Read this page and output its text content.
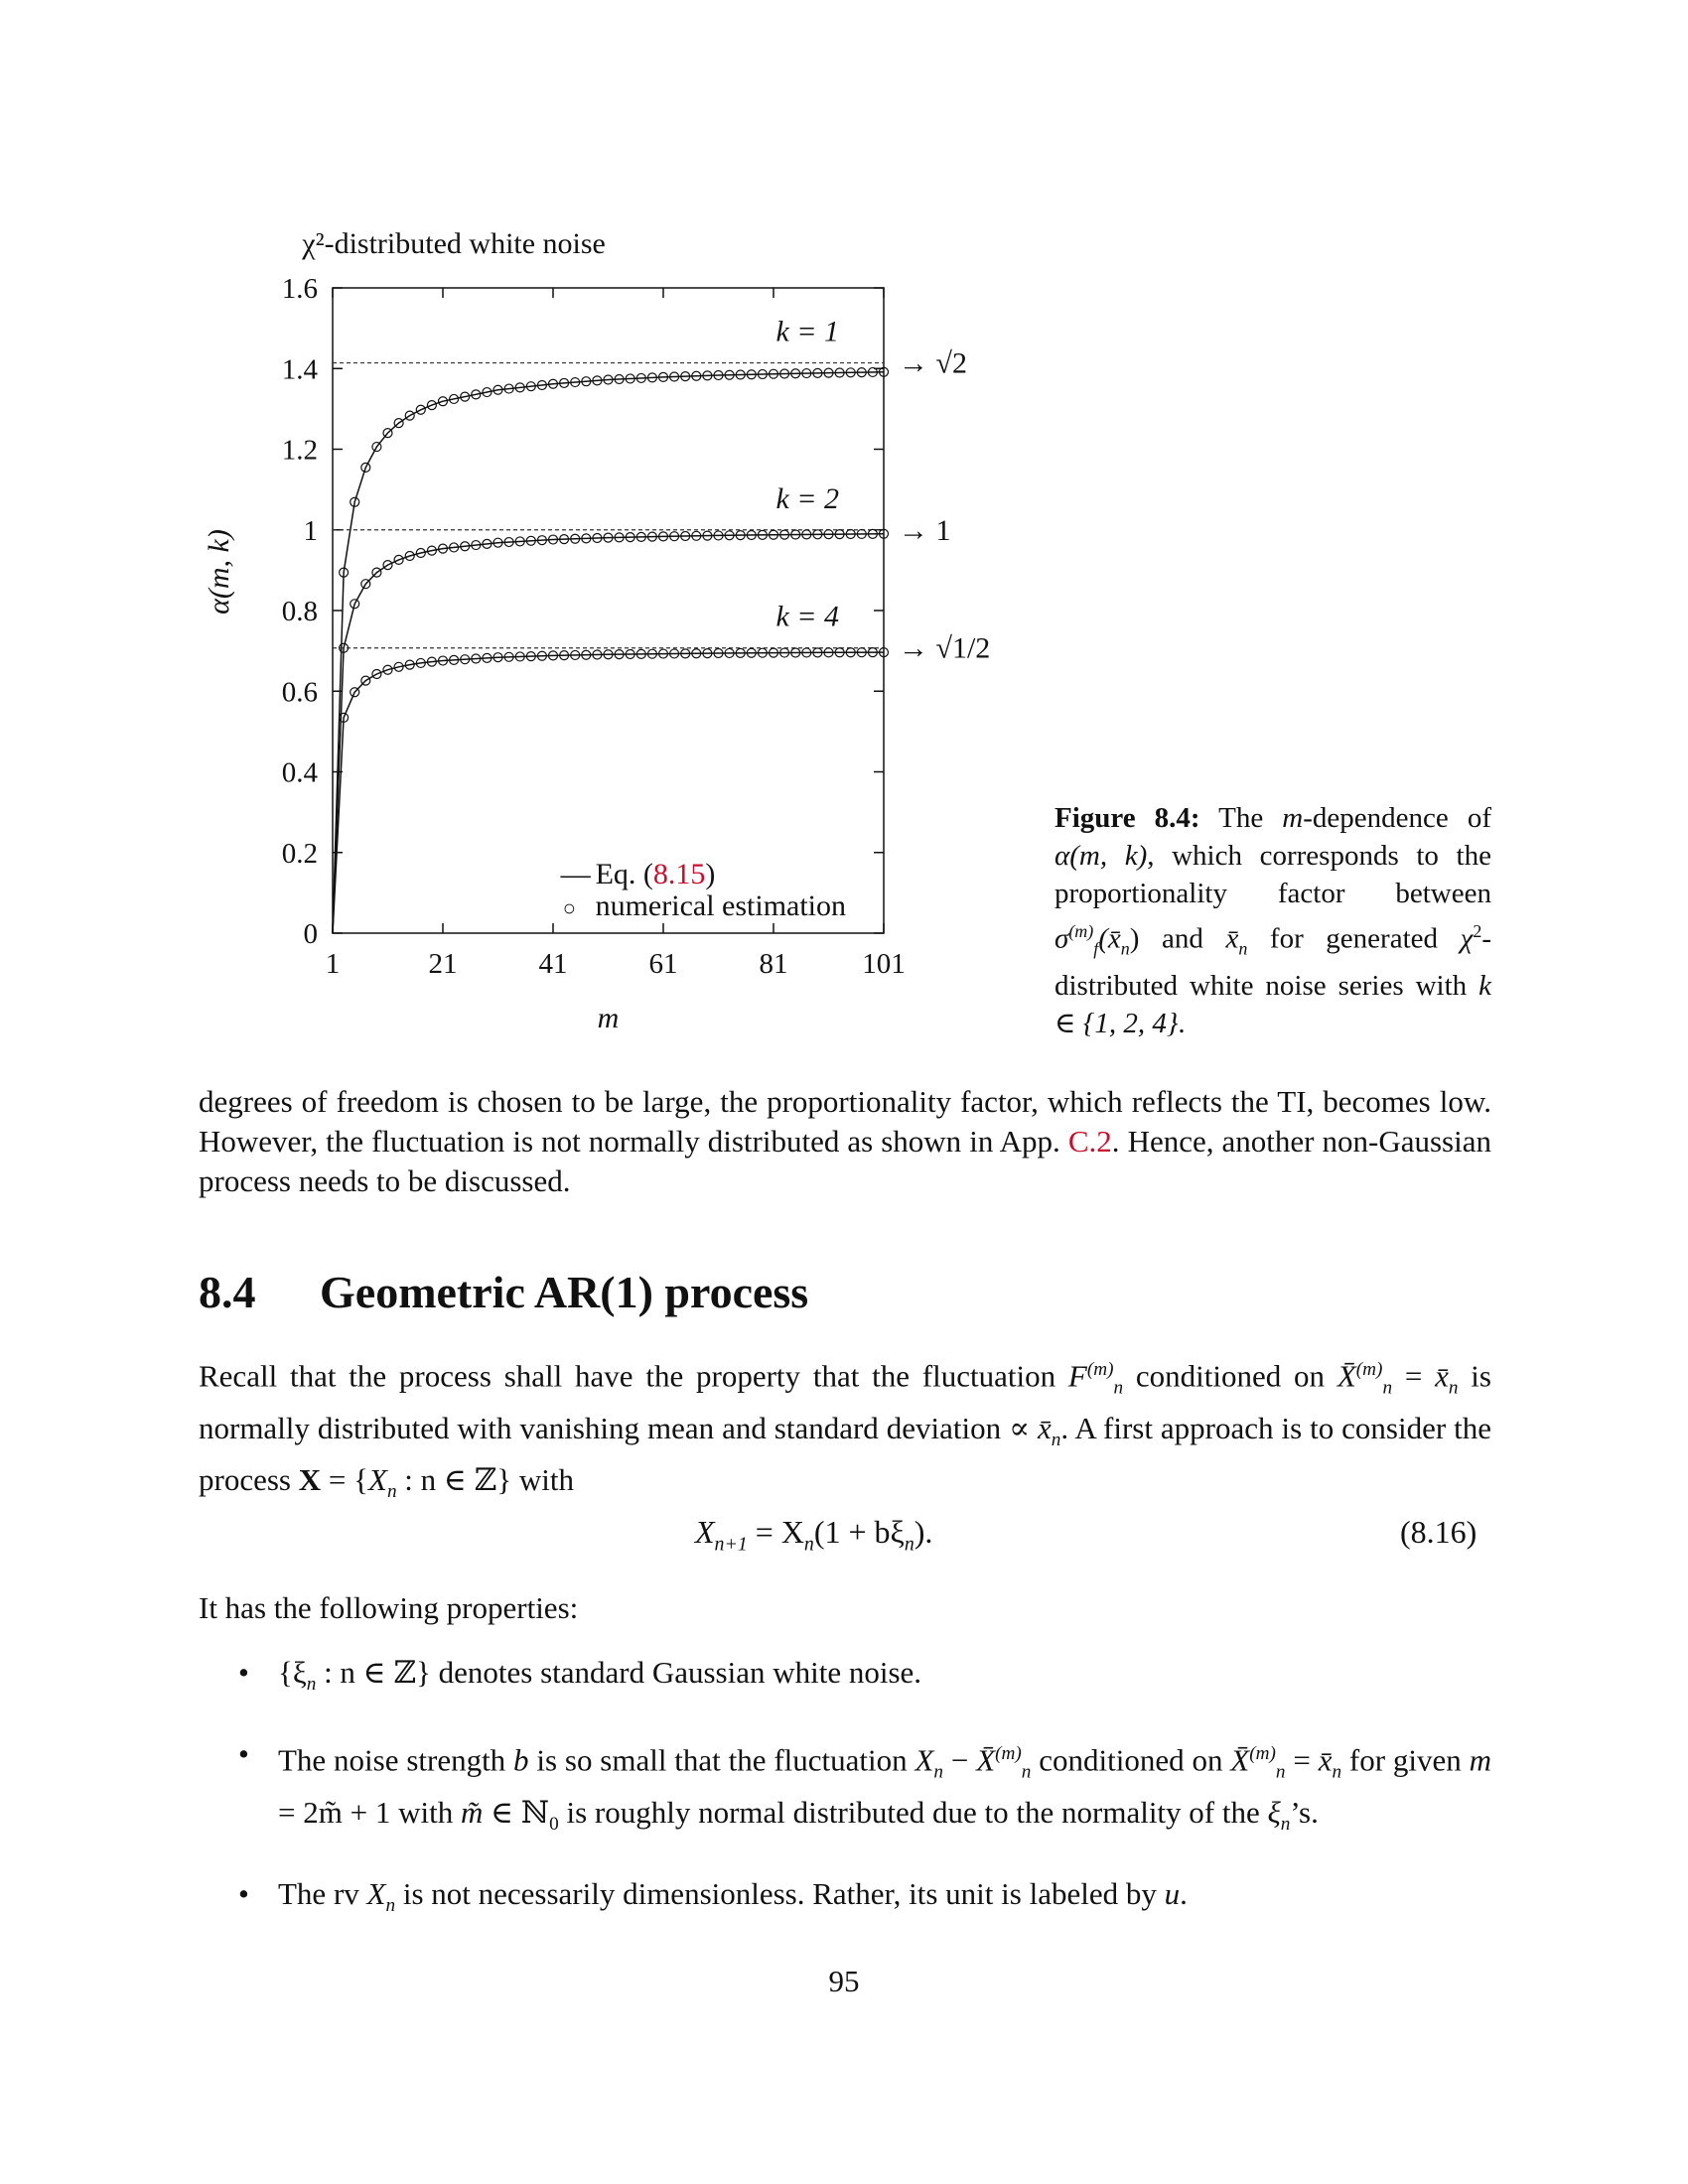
χ²-distributed white noise
0
0.2
0.4
0.6
0.8
1
1.2
1.4
1.6
1	21	41	61	81	101
m
α(m, k)
→ √2
k = 1
→ 1
k = 2
→ √1/2
k = 4
— Eq. (8.15)
○ numerical estimation
Figure 8.4: The m-dependence of α(m, k), which corresponds to the proportionality factor between $\sigma^{(m)}_f(x̄_n)$ and $x̄_n$ for generated $\chi^2$-distributed white noise series with k ∈ {1, 2, 4}.
degrees of freedom is chosen to be large, the proportionality factor, which reflects the TI, becomes low. However, the fluctuation is not normally distributed as shown in App. C.2. Hence, another non-Gaussian process needs to be discussed.
8.4 Geometric AR(1) process
Recall that the process shall have the property that the fluctuation $F^{(m)}_n$ conditioned on X̄$^{(m)}_n$ = $x̄_n$ is normally distributed with vanishing mean and standard deviation ∝ $x̄_n$. A first approach is to consider the process $X = \{X_n$ : n ∈ ℤ} with
$X_{n+1} = X_n(1 + b\xi_n)$.	(8.16)
It has the following properties:
• {$\xi_n$ : n ∈ ℤ} denotes standard Gaussian white noise.
• The noise strength b is so small that the fluctuation $X_n$ − X̄$^{(m)}_n$ conditioned on X̄$^{(m)}_n$ = $x̄_n$ for given m = 2m̃ + 1 with m̃ ∈ ℕ$_0$ is roughly normal distributed due to the normality of the $\xi_n’s$.
• The rv $X_n$ is not necessarily dimensionless. Rather, its unit is labeled by u.
95
